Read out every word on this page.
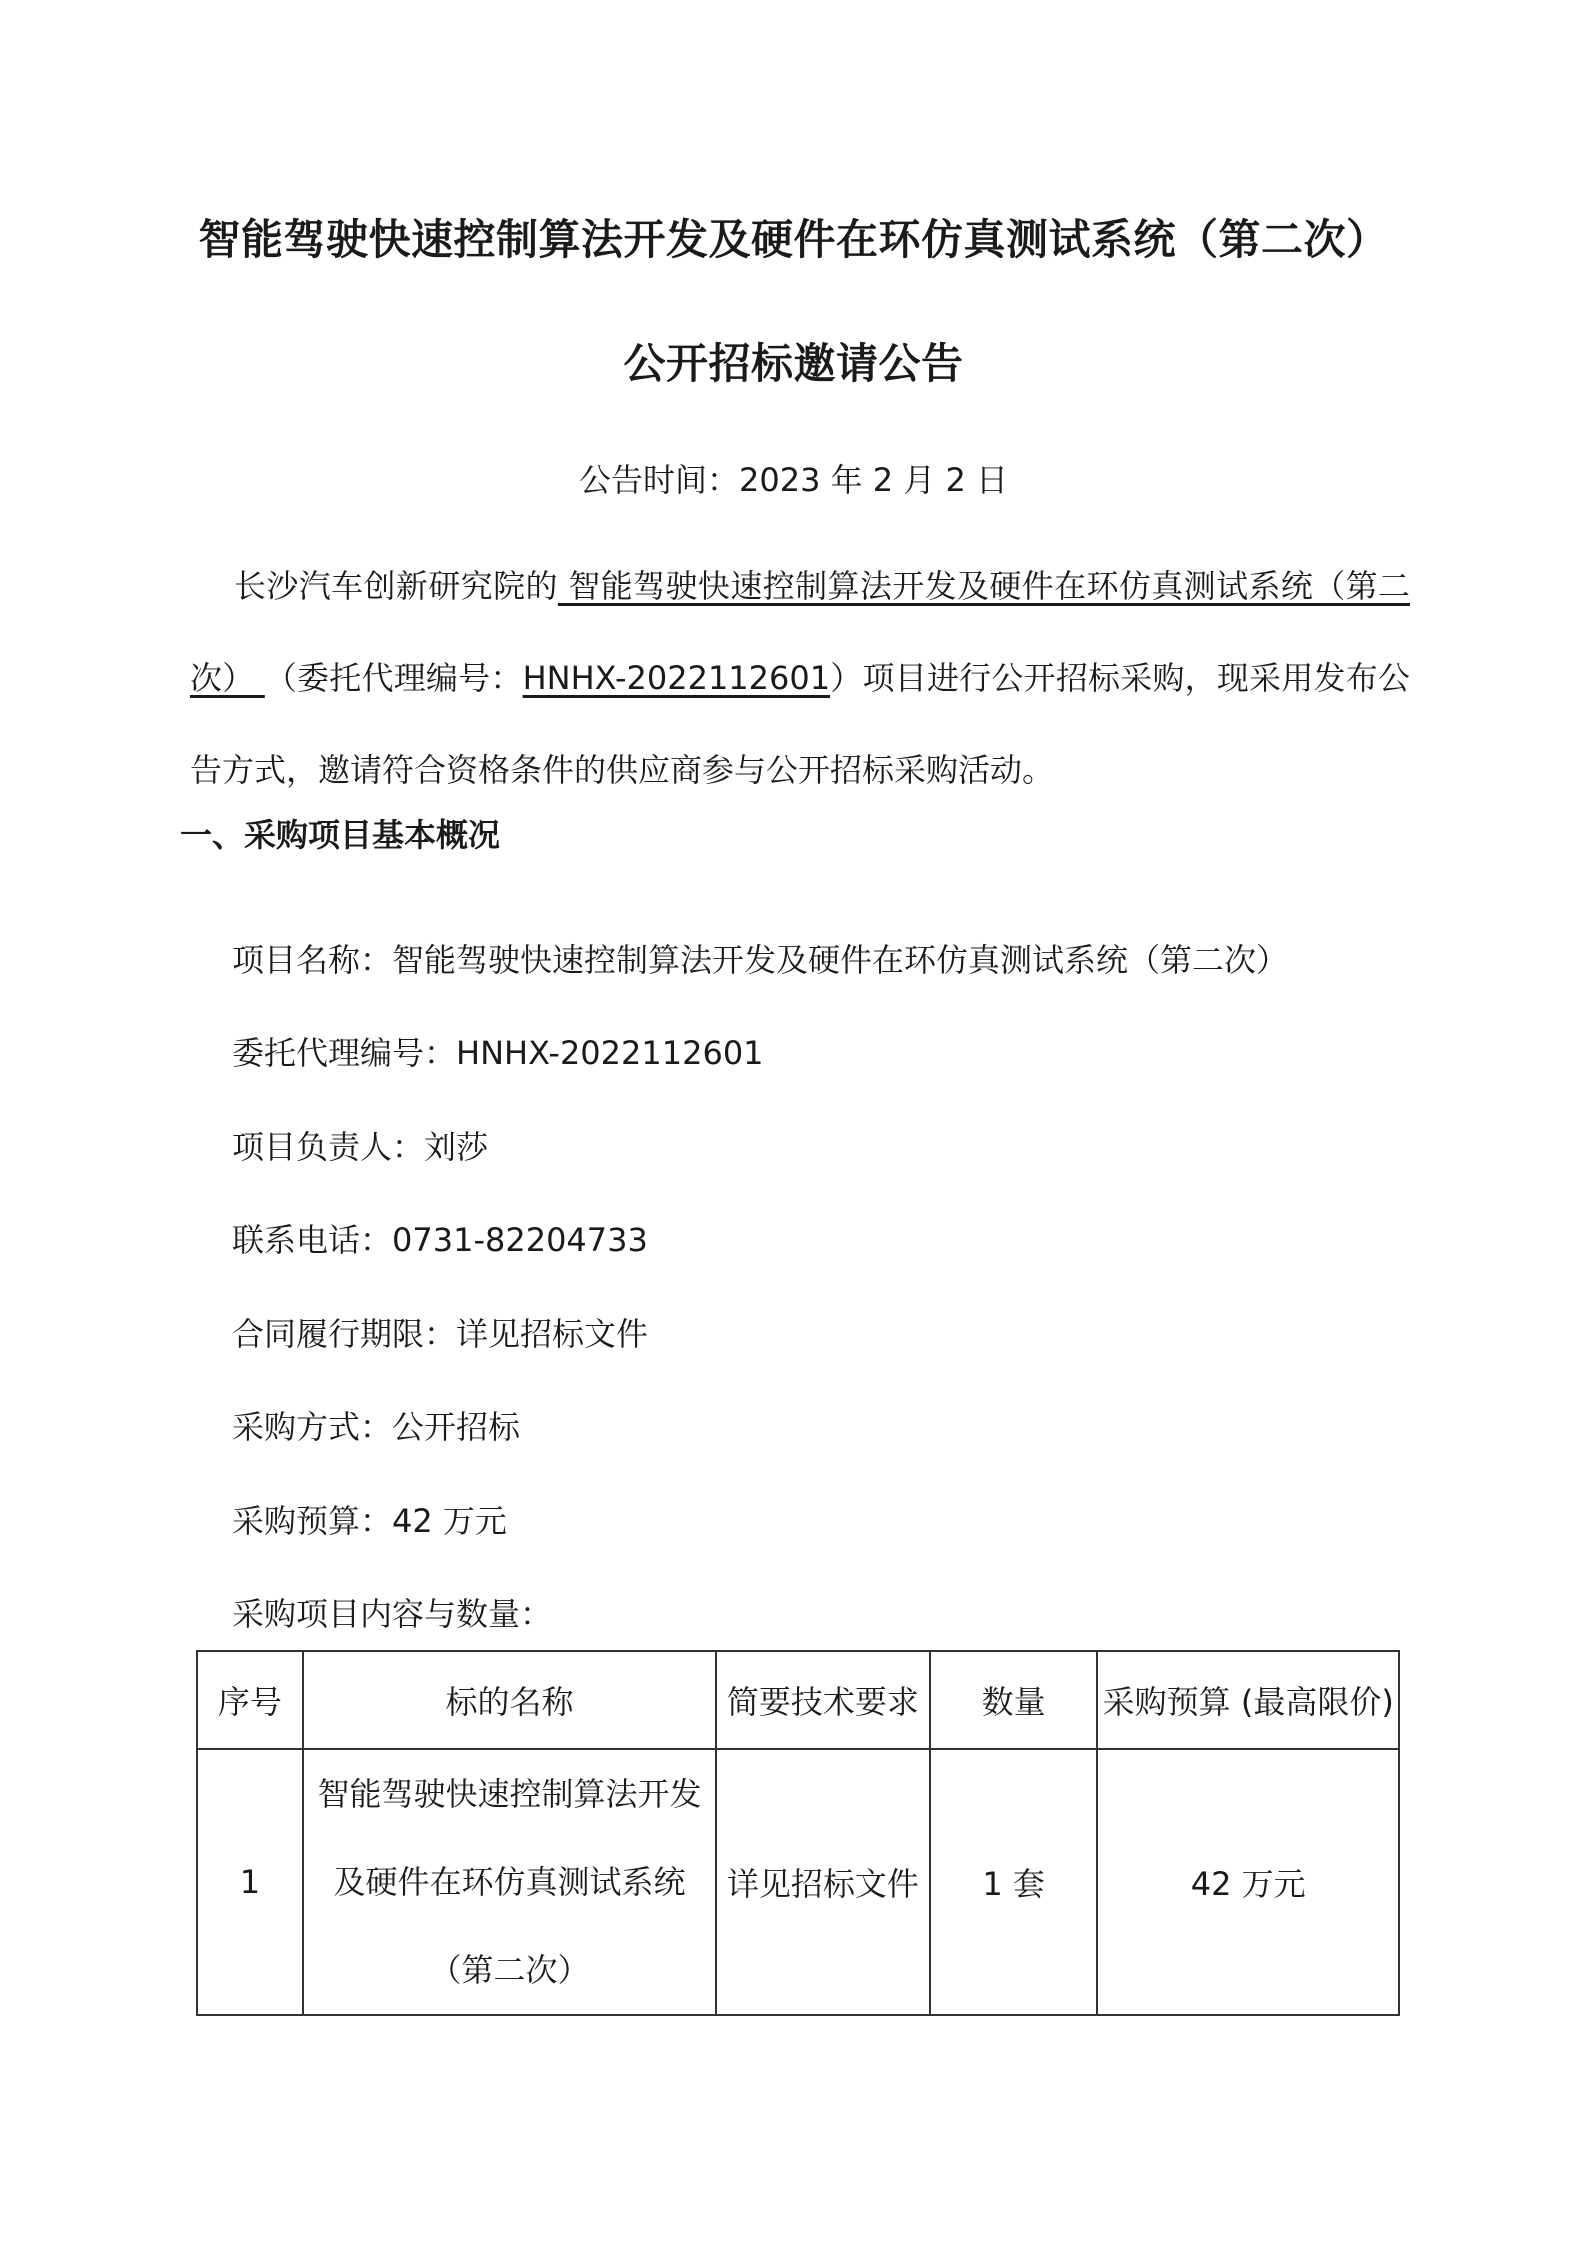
智能驾驶快速控制算法开发及硬件在环仿真测试系统（第二次）
公开招标邀请公告
公告时间：2023 年 2 月 2 日

长沙汽车创新研究院的 智能驾驶快速控制算法开发及硬件在环仿真测试系统（第二次） （委托代理编号：HNHX-2022112601）项目进行公开招标采购，现采用发布公告方式，邀请符合资格条件的供应商参与公开招标采购活动。

一、采购项目基本概况
项目名称：智能驾驶快速控制算法开发及硬件在环仿真测试系统（第二次）
委托代理编号：HNHX-2022112601
项目负责人：刘莎
联系电话：0731-82204733
合同履行期限：详见招标文件
采购方式：公开招标
采购预算：42 万元
采购项目内容与数量：
序号	标的名称	简要技术要求	数量	采购预算 (最高限价)
1	智能驾驶快速控制算法开发及硬件在环仿真测试系统（第二次）	详见招标文件	1 套	42 万元
